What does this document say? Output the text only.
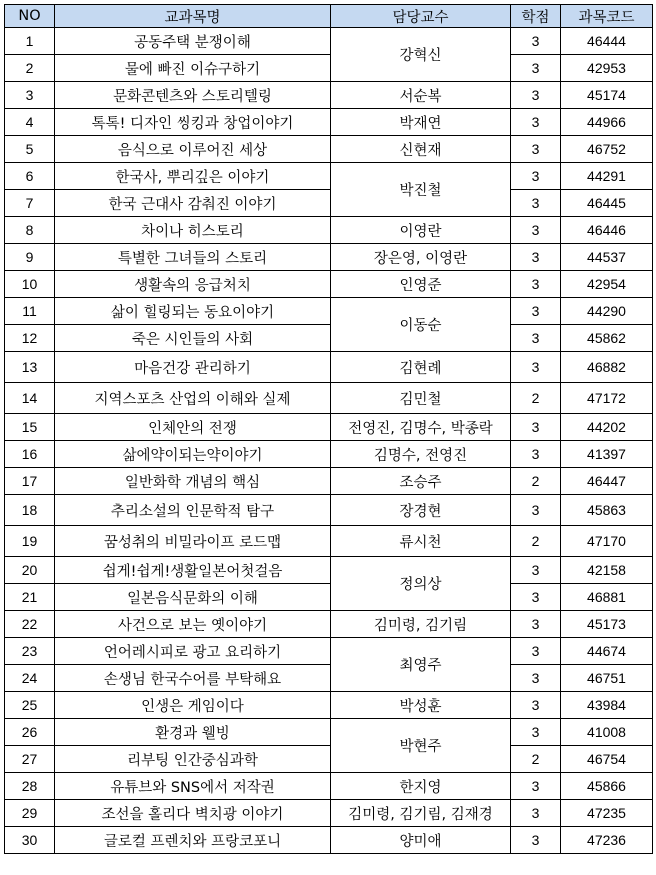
NO	교과목명	담당교수	학점	과목코드
1	공동주택 분쟁이해	강혁신	3	46444
2	물에 빠진 이슈구하기		3	42953
3	문화콘텐츠와 스토리텔링	서순복	3	45174
4	톡톡! 디자인 씽킹과 창업이야기	박재연	3	44966
5	음식으로 이루어진 세상	신현재	3	46752
6	한국사, 뿌리깊은 이야기	박진철	3	44291
7	한국 근대사 감춰진 이야기		3	46445
8	차이나 히스토리	이영란	3	46446
9	특별한 그녀들의 스토리	장은영, 이영란	3	44537
10	생활속의 응급처치	인영준	3	42954
11	삶이 힐링되는 동요이야기	이동순	3	44290
12	죽은 시인들의 사회		3	45862
13	마음건강 관리하기	김현례	3	46882
14	지역스포츠 산업의 이해와 실제	김민철	2	47172
15	인체안의 전쟁	전영진, 김명수, 박종락	3	44202
16	삶에약이되는약이야기	김명수, 전영진	3	41397
17	일반화학 개념의 핵심	조승주	2	46447
18	추리소설의 인문학적 탐구	장경현	3	45863
19	꿈성취의 비밀라이프 로드맵	류시천	2	47170
20	쉽게!쉽게!생활일본어첫걸음	정의상	3	42158
21	일본음식문화의 이해		3	46881
22	사건으로 보는 옛이야기	김미령, 김기림	3	45173
23	언어레시피로 광고 요리하기	최영주	3	44674
24	손생님 한국수어를 부탁해요		3	46751
25	인생은 게임이다	박성훈	3	43984
26	환경과 웰빙	박현주	3	41008
27	리부팅 인간중심과학		2	46754
28	유튜브와 SNS에서 저작권	한지영	3	45866
29	조선을 홀리다 벽치광 이야기	김미령, 김기림, 김재경	3	47235
30	글로컬 프렌치와 프랑코포니	양미애	3	47236
